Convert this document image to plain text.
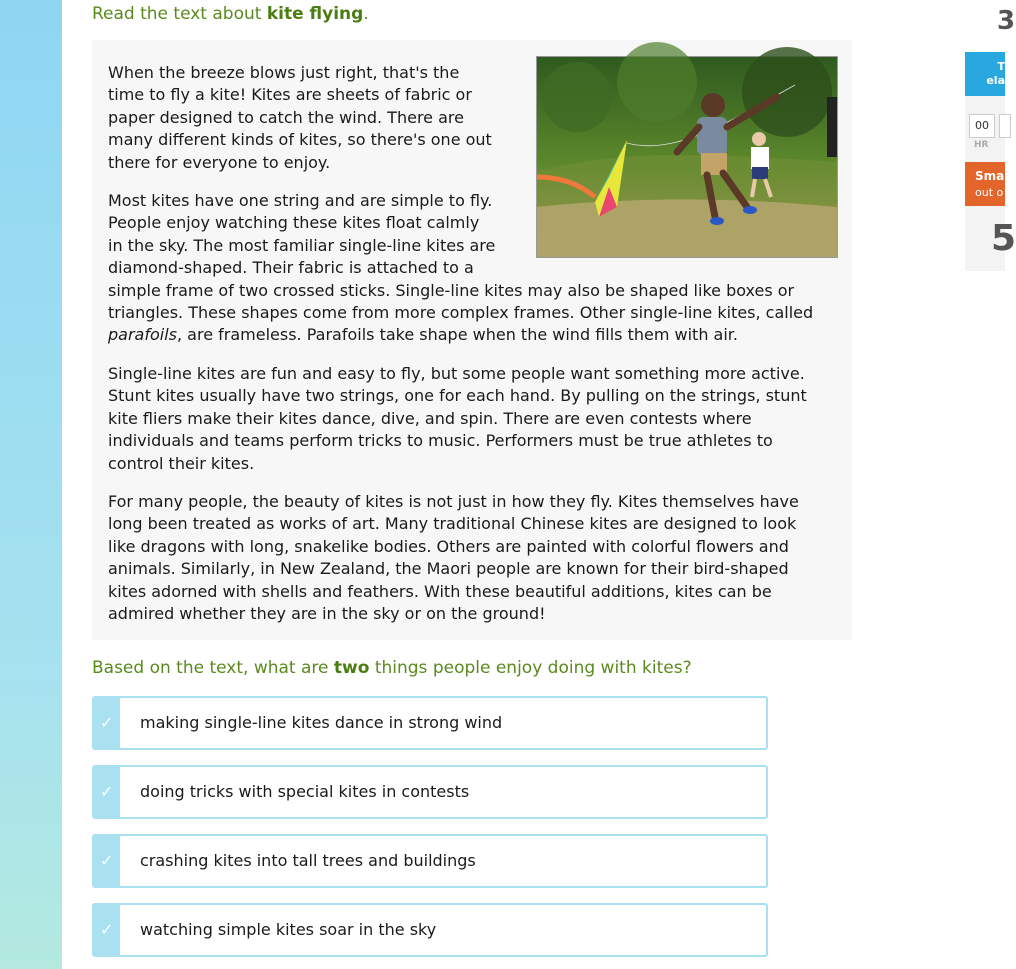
Read the text about kite flying.

When the breeze blows just right, that's the time to fly a kite! Kites are sheets of fabric or paper designed to catch the wind. There are many different kinds of kites, so there's one out there for everyone to enjoy.

Most kites have one string and are simple to fly. People enjoy watching these kites float calmly in the sky. The most familiar single-line kites are diamond-shaped. Their fabric is attached to a simple frame of two crossed sticks. Single-line kites may also be shaped like boxes or triangles. These shapes come from more complex frames. Other single-line kites, called parafoils, are frameless. Parafoils take shape when the wind fills them with air.

Single-line kites are fun and easy to fly, but some people want something more active. Stunt kites usually have two strings, one for each hand. By pulling on the strings, stunt kite fliers make their kites dance, dive, and spin. There are even contests where individuals and teams perform tricks to music. Performers must be true athletes to control their kites.

For many people, the beauty of kites is not just in how they fly. Kites themselves have long been treated as works of art. Many traditional Chinese kites are designed to look like dragons with long, snakelike bodies. Others are painted with colorful flowers and animals. Similarly, in New Zealand, the Maori people are known for their bird-shaped kites adorned with shells and feathers. With these beautiful additions, kites can be admired whether they are in the sky or on the ground!

Based on the text, what are two things people enjoy doing with kites?
✓ making single-line kites dance in strong wind
✓ doing tricks with special kites in contests
✓ crashing kites into tall trees and buildings
✓ watching simple kites soar in the sky
3
T
ela
00
HR
Sma
out o
5
